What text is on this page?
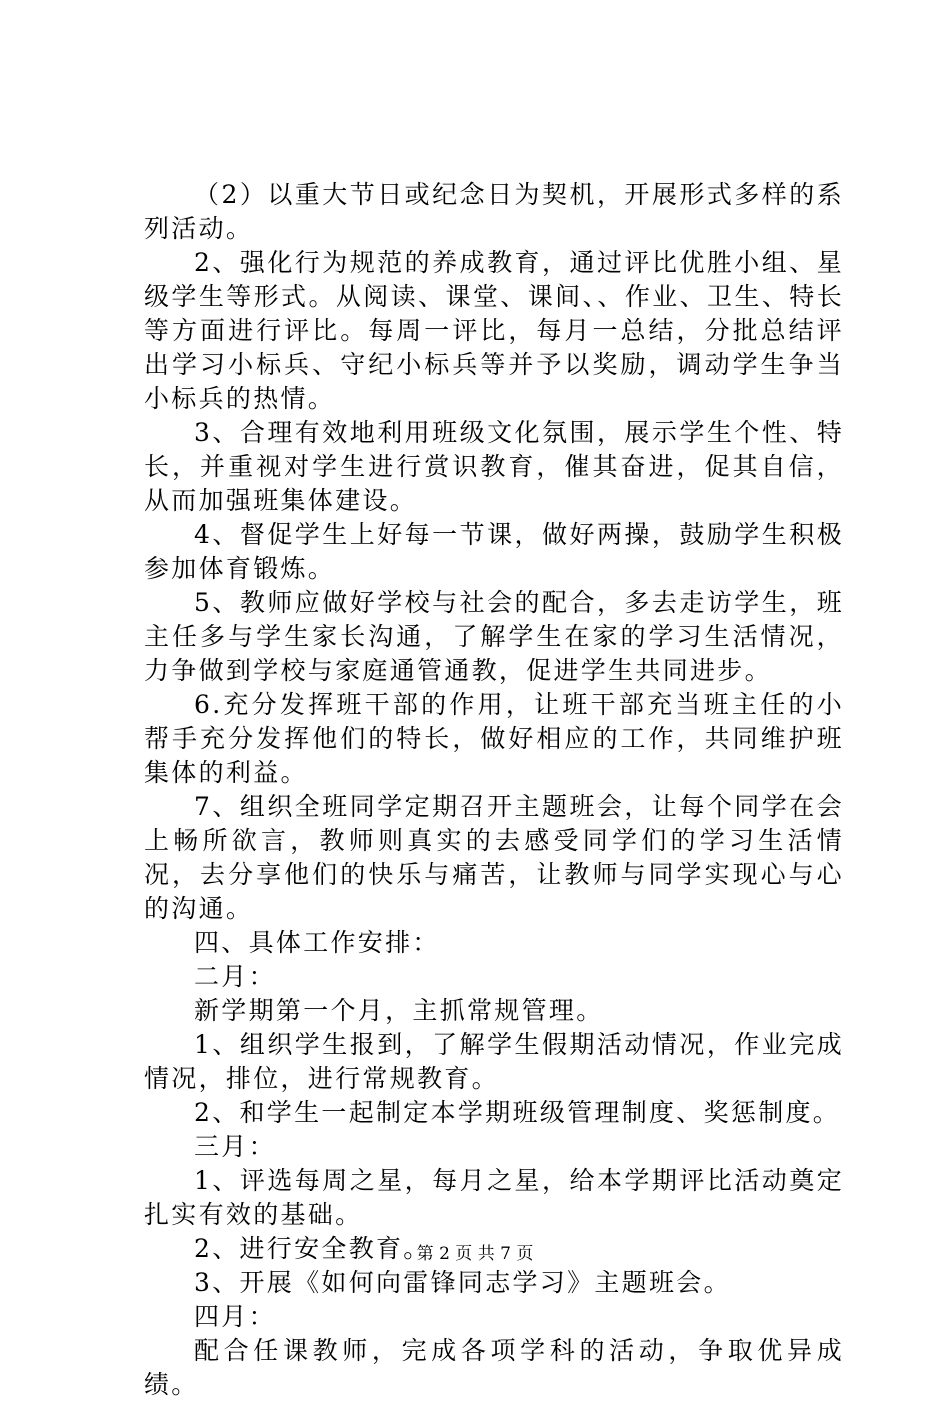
（2）以重大节日或纪念日为契机，开展形式多样的系列活动。

2、强化行为规范的养成教育，通过评比优胜小组、星级学生等形式。从阅读、课堂、课间、、作业、卫生、特长等方面进行评比。每周一评比，每月一总结，分批总结评出学习小标兵、守纪小标兵等并予以奖励，调动学生争当小标兵的热情。

3、合理有效地利用班级文化氛围，展示学生个性、特长，并重视对学生进行赏识教育，催其奋进，促其自信，从而加强班集体建设。

4、督促学生上好每一节课，做好两操，鼓励学生积极参加体育锻炼。

5、教师应做好学校与社会的配合，多去走访学生，班主任多与学生家长沟通，了解学生在家的学习生活情况，力争做到学校与家庭通管通教，促进学生共同进步。

6.充分发挥班干部的作用，让班干部充当班主任的小帮手充分发挥他们的特长，做好相应的工作，共同维护班集体的利益。

7、组织全班同学定期召开主题班会，让每个同学在会上畅所欲言，教师则真实的去感受同学们的学习生活情况，去分享他们的快乐与痛苦，让教师与同学实现心与心的沟通。

四、具体工作安排：

二月：

新学期第一个月，主抓常规管理。

1、组织学生报到，了解学生假期活动情况，作业完成情况，排位，进行常规教育。

2、和学生一起制定本学期班级管理制度、奖惩制度。

三月：

1、评选每周之星，每月之星，给本学期评比活动奠定扎实有效的基础。

2、进行安全教育。

3、开展《如何向雷锋同志学习》主题班会。

四月：

配合任课教师，完成各项学科的活动，争取优异成绩。

第 2 页 共 7 页
